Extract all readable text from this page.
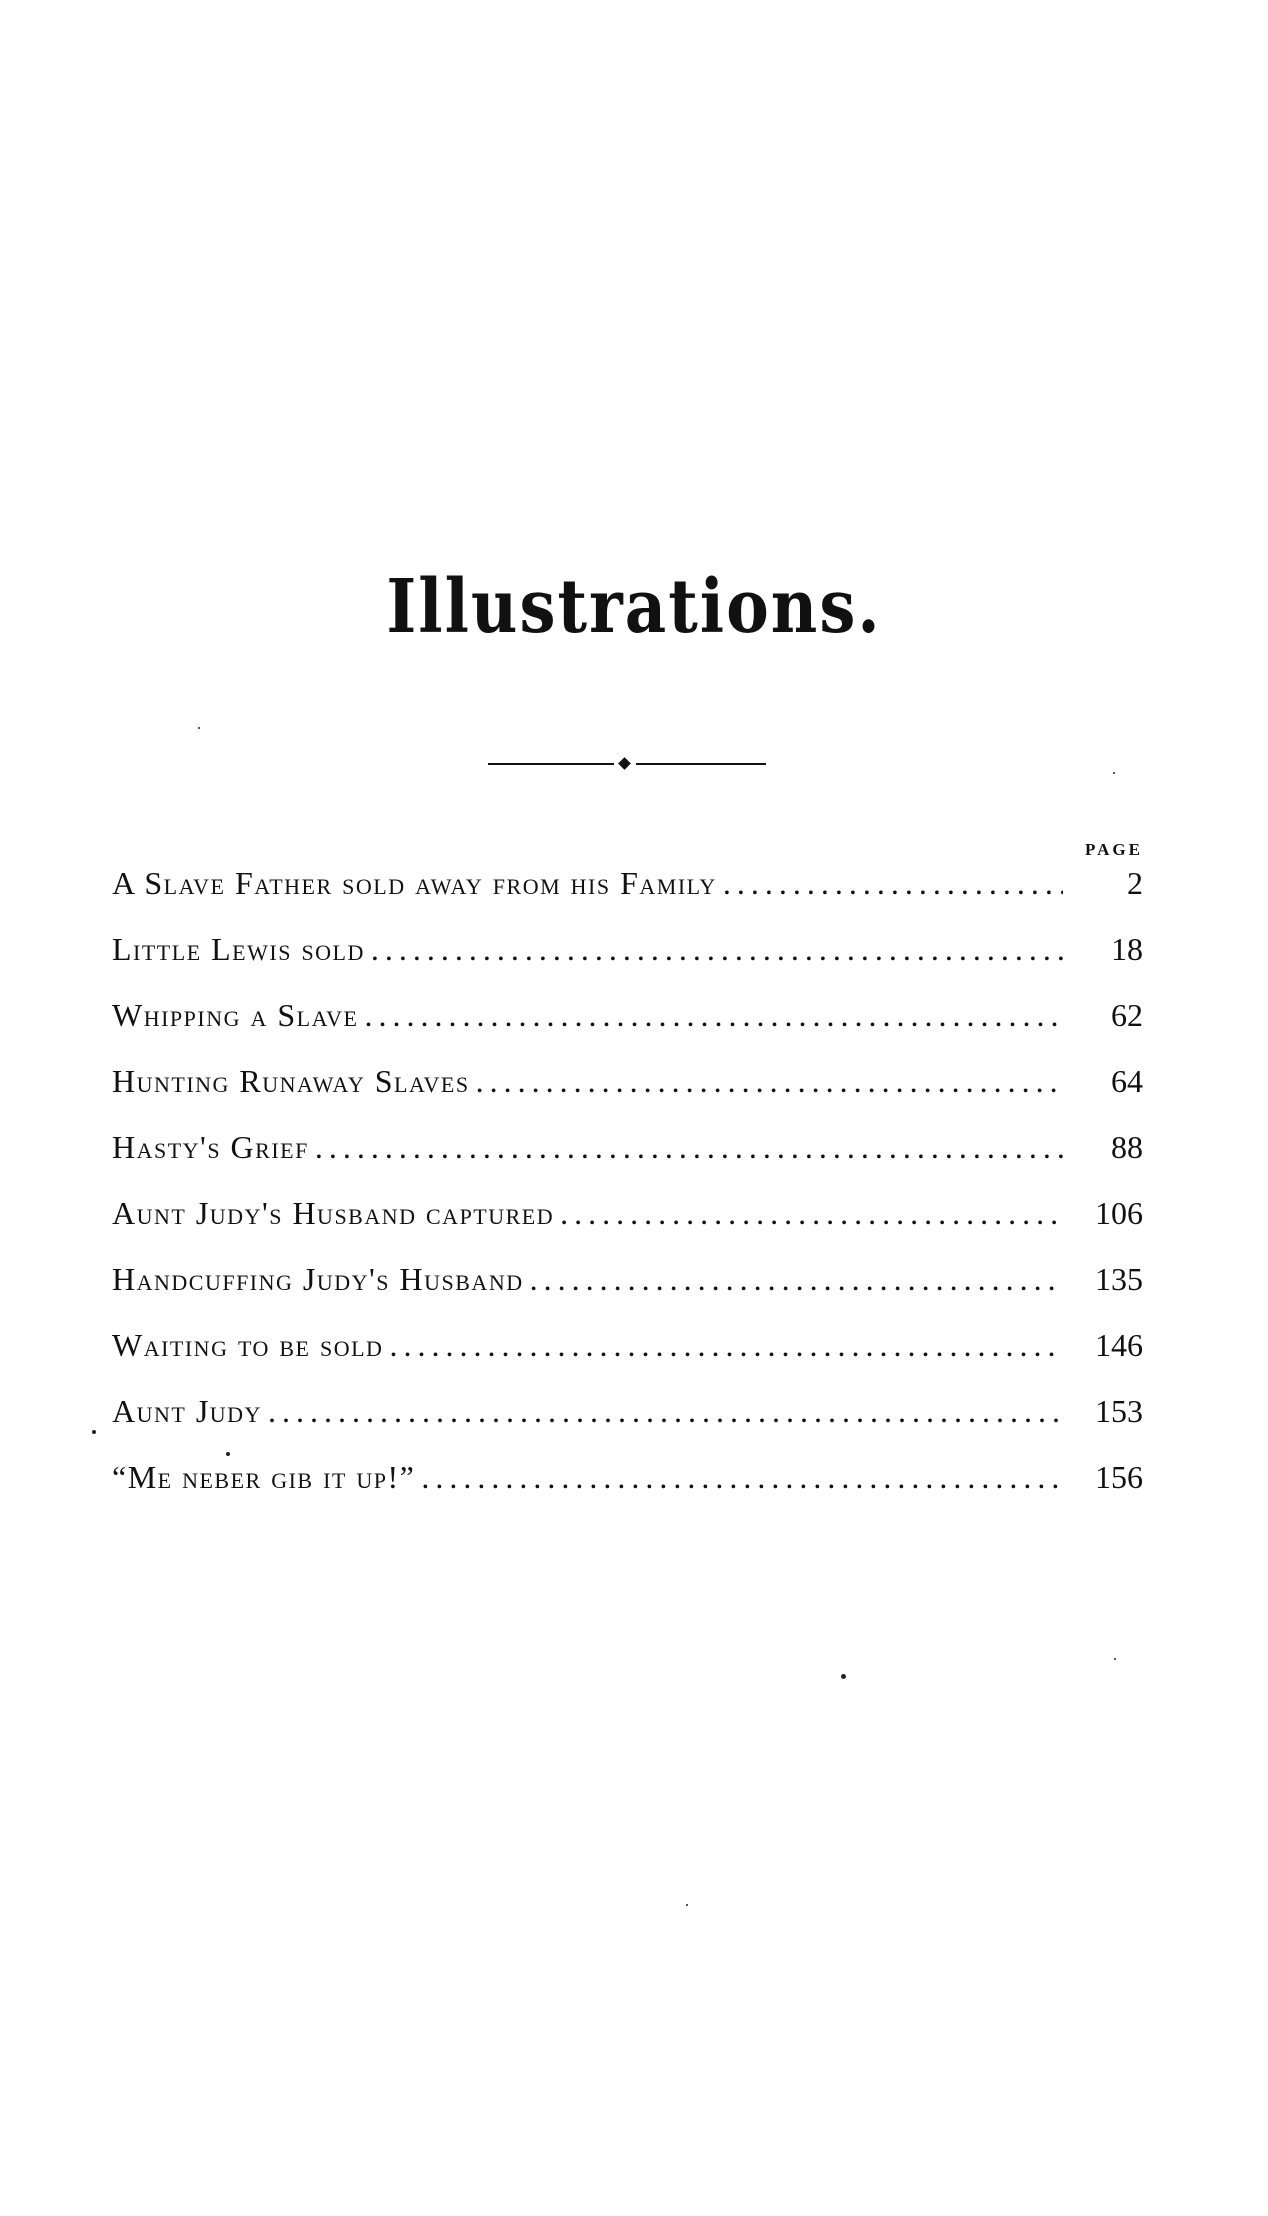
Illustrations.
PAGE
A Slave Father sold away from his Family .....	2
Little Lewis sold .....	18
Whipping a Slave .....	62
Hunting Runaway Slaves .....	64
Hasty's Grief .....	88
Aunt Judy's Husband captured .....	106
Handcuffing Judy's Husband .....	135
Waiting to be sold .....	146
Aunt Judy .....	153
“Me neber gib it up!” .....	156
